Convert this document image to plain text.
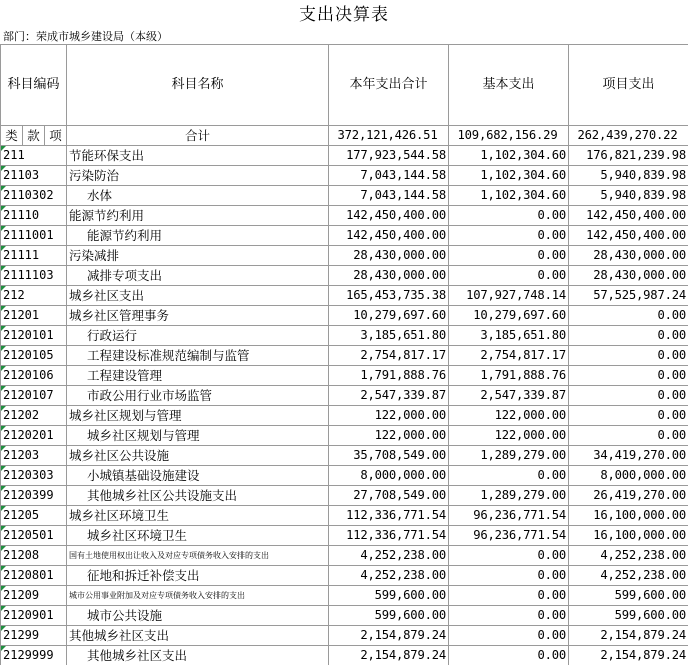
支出决算表
部门：荣成市城乡建设局（本级）
科目编码	科目名称	本年支出合计	基本支出	项目支出

类 款 项	合计	372,121,426.51	109,682,156.29	262,439,270.22
211	节能环保支出	177,923,544.58	1,102,304.60	176,821,239.98
21103	污染防治	7,043,144.58	1,102,304.60	5,940,839.98
2110302	水体	7,043,144.58	1,102,304.60	5,940,839.98
21110	能源节约利用	142,450,400.00	0.00	142,450,400.00
2111001	能源节约利用	142,450,400.00	0.00	142,450,400.00
21111	污染减排	28,430,000.00	0.00	28,430,000.00
2111103	减排专项支出	28,430,000.00	0.00	28,430,000.00
212	城乡社区支出	165,453,735.38	107,927,748.14	57,525,987.24
21201	城乡社区管理事务	10,279,697.60	10,279,697.60	0.00
2120101	行政运行	3,185,651.80	3,185,651.80	0.00
2120105	工程建设标准规范编制与监管	2,754,817.17	2,754,817.17	0.00
2120106	工程建设管理	1,791,888.76	1,791,888.76	0.00
2120107	市政公用行业市场监管	2,547,339.87	2,547,339.87	0.00
21202	城乡社区规划与管理	122,000.00	122,000.00	0.00
2120201	城乡社区规划与管理	122,000.00	122,000.00	0.00
21203	城乡社区公共设施	35,708,549.00	1,289,279.00	34,419,270.00
2120303	小城镇基础设施建设	8,000,000.00	0.00	8,000,000.00
2120399	其他城乡社区公共设施支出	27,708,549.00	1,289,279.00	26,419,270.00
21205	城乡社区环境卫生	112,336,771.54	96,236,771.54	16,100,000.00
2120501	城乡社区环境卫生	112,336,771.54	96,236,771.54	16,100,000.00
21208	国有土地使用权出让收入及对应专项债务收入安排的支出	4,252,238.00	0.00	4,252,238.00
2120801	征地和拆迁补偿支出	4,252,238.00	0.00	4,252,238.00
21209	城市公用事业附加及对应专项债务收入安排的支出	599,600.00	0.00	599,600.00
2120901	城市公共设施	599,600.00	0.00	599,600.00
21299	其他城乡社区支出	2,154,879.24	0.00	2,154,879.24
2129999	其他城乡社区支出	2,154,879.24	0.00	2,154,879.24
